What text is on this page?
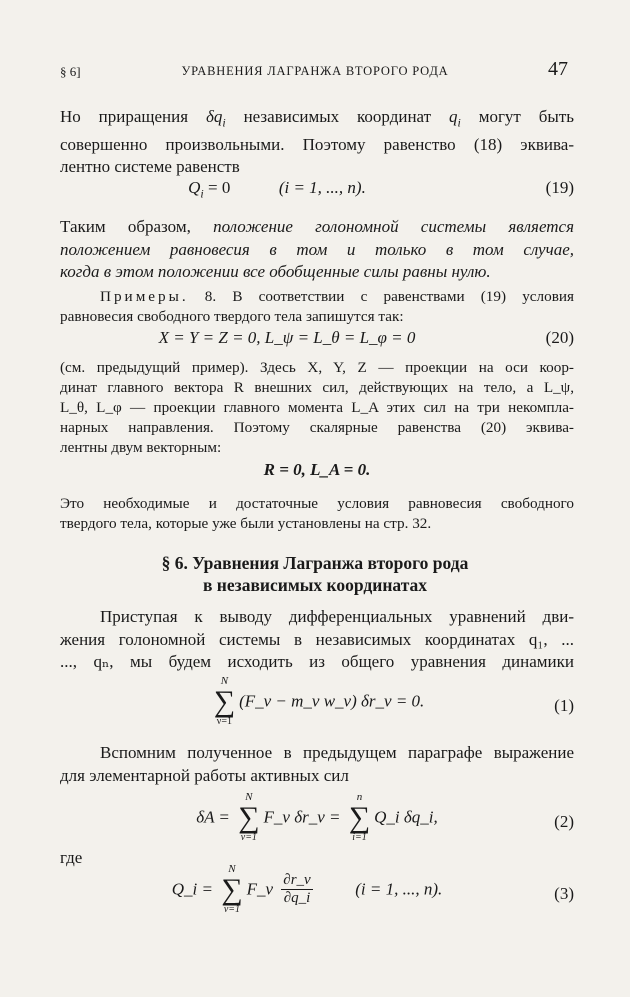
§ 6]	УРАВНЕНИЯ ЛАГРАНЖА ВТОРОГО РОДА	47
Но приращения $\delta q_i$ независимых координат $q_i$ могут быть
совершенно произвольными. Поэтому равенство (18) эквива-
лентно системе равенств
$Q_i = 0$	(i = 1, ..., n).	(19)
Таким образом, положение голономной системы является
положением равновесия в том и только в том случае,
когда в этом положении все обобщенные силы равны нулю.
Примеры. 8. В соответствии с равенствами (19) условия
равновесия свободного твердого тела запишутся так:
X = Y = Z = 0, L_ψ = L_θ = L_φ = 0	(20)
(см. предыдущий пример). Здесь X, Y, Z — проекции на оси коор-
динат главного вектора R внешних сил, действующих на тело, а L_ψ,
L_θ, L_φ — проекции главного момента L_A этих сил на три некомпла-
нарных направления. Поэтому скалярные равенства (20) эквива-
лентны двум векторным:
R = 0, L_A = 0.
Это необходимые и достаточные условия равновесия свободного
твердого тела, которые уже были установлены на стр. 32.
§ 6. Уравнения Лагранжа второго рода
в независимых координатах
Приступая к выводу дифференциальных уравнений дви-
жения голономной системы в независимых координатах q₁, ...
..., qₙ, мы будем исходить из общего уравнения динамики
N
∑
ν=1
(F_ν − m_ν w_ν) δr_ν = 0.	(1)
Вспомним полученное в предыдущем параграфе выражение
для элементарной работы активных сил
δA =
N
∑
ν=1
F_ν δr_ν =
n
∑
i=1
Q_i δq_i,	(2)
где
Q_i =
N
∑
ν=1
F_ν $\frac{\partial r\_\nu}{\partial q\_i}$	(i = 1, ..., n).	(3)
